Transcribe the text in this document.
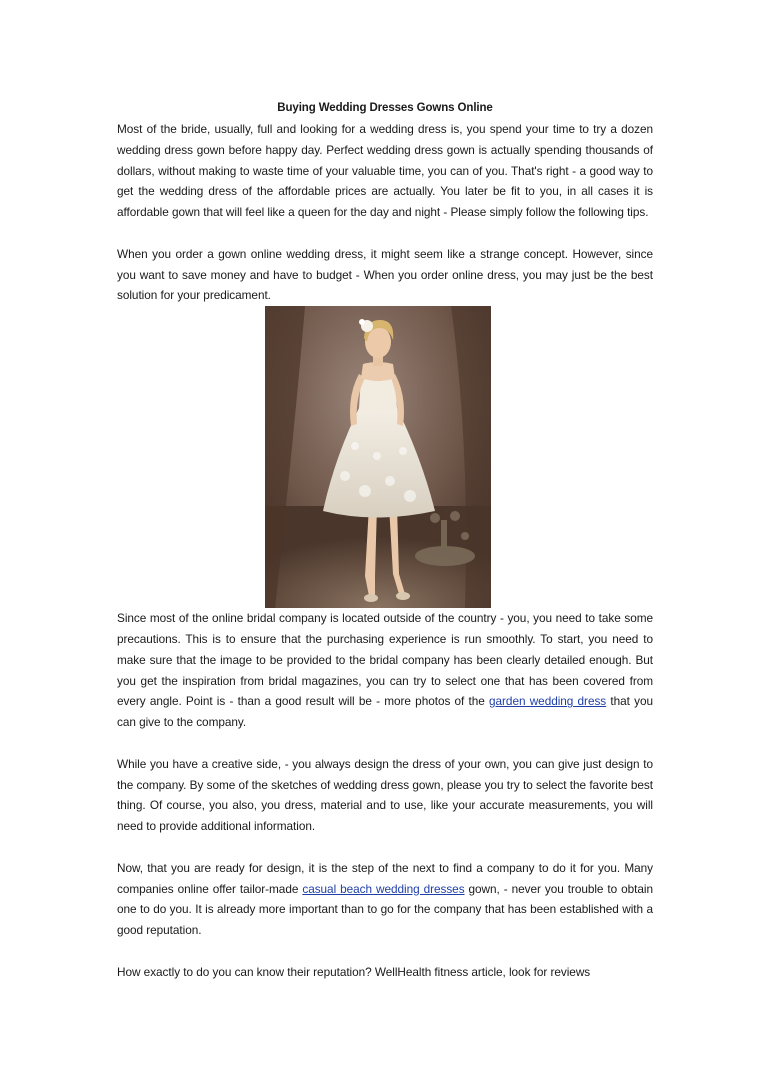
Buying Wedding Dresses Gowns Online

Most of the bride, usually, full and looking for a wedding dress is, you spend your time to try a dozen wedding dress gown before happy day. Perfect wedding dress gown is actually spending thousands of dollars, without making to waste time of your valuable time, you can of you. That's right - a good way to get the wedding dress of the affordable prices are actually. You later be fit to you, in all cases it is affordable gown that will feel like a queen for the day and night - Please simply follow the following tips.

When you order a gown online wedding dress, it might seem like a strange concept. However, since you want to save money and have to budget - When you order online dress, you may just be the best solution for your predicament.

Since most of the online bridal company is located outside of the country - you, you need to take some precautions. This is to ensure that the purchasing experience is run smoothly. To start, you need to make sure that the image to be provided to the bridal company has been clearly detailed enough. But you get the inspiration from bridal magazines, you can try to select one that has been covered from every angle. Point is - than a good result will be - more photos of the garden wedding dress that you can give to the company.

While you have a creative side, - you always design the dress of your own, you can give just design to the company. By some of the sketches of wedding dress gown, please you try to select the favorite best thing. Of course, you also, you dress, material and to use, like your accurate measurements, you will need to provide additional information.

Now, that you are ready for design, it is the step of the next to find a company to do it for you. Many companies online offer tailor-made casual beach wedding dresses gown, - never you trouble to obtain one to do you. It is already more important than to go for the company that has been established with a good reputation.

How exactly to do you can know their reputation? WellHealth fitness article, look for reviews
